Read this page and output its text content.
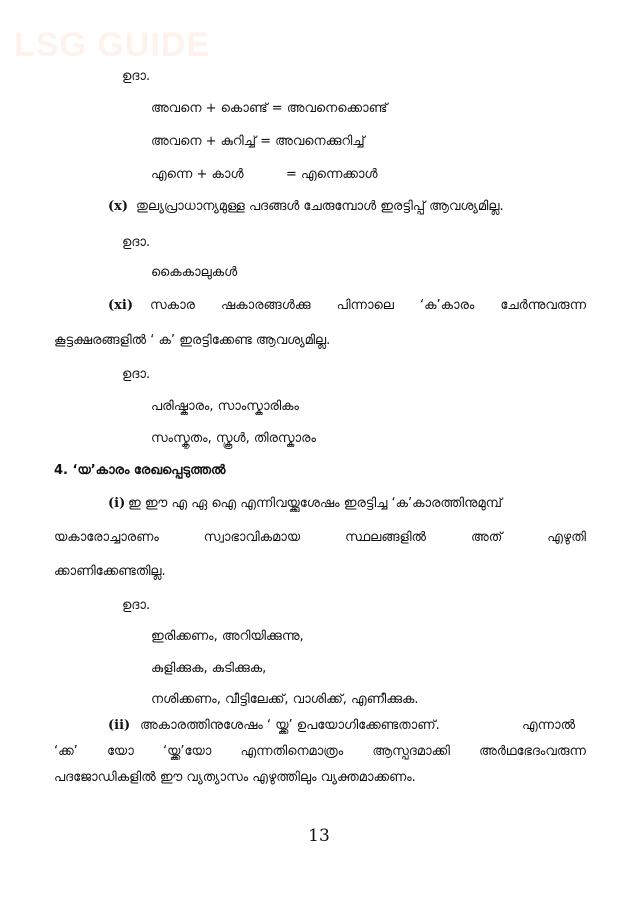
LSG GUIDE
ഉദാ.
അവനെ + കൊണ്ട് = അവനെക്കൊണ്ട്
അവനെ + കുറിച്ച് = അവനെക്കുറിച്ച്
എന്നെ + കാൾ	= എന്നെക്കാൾ
(x) തുല്യപ്രാധാന്യമുള്ള പദങ്ങൾ ചേരുമ്പോൾ ഇരട്ടിപ്പ് ആവശ്യമില്ല.
ഉദാ.
കൈകാലുകൾ
(xi) സകാര ഷകാരങ്ങൾക്കു പിന്നാലെ ‘ക’കാരം ചേർന്നുവരുന്ന
കൂട്ടക്ഷരങ്ങളിൽ ‘ ക’ ഇരട്ടിക്കേണ്ട ആവശ്യമില്ല.
ഉദാ.
പരിഷ്കാരം, സാംസ്കാരികം
സംസ്കൃതം, സ്കൂൾ, തിരസ്കാരം
4. ‘യ’കാരം രേഖപ്പെടുത്തൽ
(i) ഇ ഈ എ ഏ ഐ എന്നിവയ്ക്കുശേഷം ഇരട്ടിച്ച ‘ക’കാരത്തിനുമുമ്പ്
യകാരോച്ചാരണം	സ്വാഭാവികമായ	സ്ഥലങ്ങളിൽ	അത്	എഴുതി
ക്കാണിക്കേണ്ടതില്ല.
ഉദാ.
ഇരിക്കണം, അറിയിക്കുന്നു,
കുളിക്കുക, കുടിക്കുക,
നശിക്കണം, വീട്ടിലേക്ക്, വാശിക്ക്, എണീക്കുക.
(ii) അകാരത്തിനുശേഷം ‘ യ്ക്ക’ ഉപയോഗിക്കേണ്ടതാണ്.	എന്നാൽ
‘ക്ക’ യോ ‘യ്ക്ക’യോ എന്നതിനെമാത്രം ആസ്പദമാക്കി അർഥഭേദംവരുന്ന
പദജോഡികളിൽ ഈ വ്യത്യാസം എഴുത്തിലും വ്യക്തമാക്കണം.
13
